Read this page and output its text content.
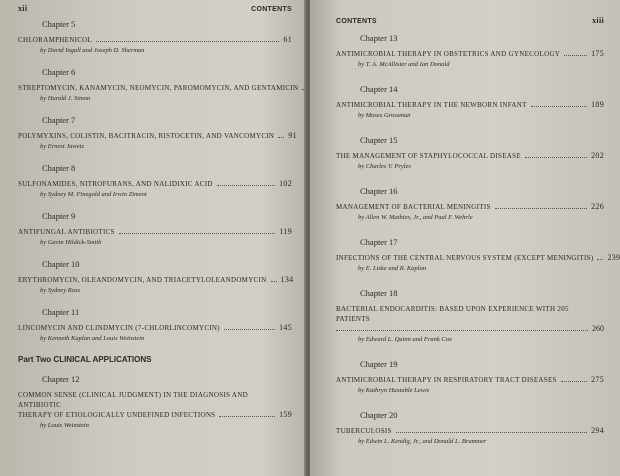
xii	CONTENTS
Chapter 5
CHLORAMPHENICOL	61
by David Ingall and Joseph D. Sherman
Chapter 6
STREPTOMYCIN, KANAMYCIN, NEOMYCIN, PAROMOMYCIN, AND GENTAMICIN
by Harold J. Simon
Chapter 7
POLYMYXINS, COLISTIN, BACITRACIN, RISTOCETIN, AND VANCOMYCIN 91
by Ernest Jawetz
Chapter 8
SULFONAMIDES, NITROFURANS, AND NALIDIXIC ACID	102
by Sydney M. Finegold and Irwin Ziment
Chapter 9
ANTIFUNGAL ANTIBIOTICS	119
by Gavin Hildick-Smith
Chapter 10
ERYTHROMYCIN, OLEANDOMYCIN, AND TRIACETYLOLEANDOMYCIN 134
by Sydney Ross
Chapter 11
LINCOMYCIN AND CLINDMYCIN (7-CHLORLINCOMYCIN)	145
by Kenneth Kaplan and Louis Weinstein
Part Two CLINICAL APPLICATIONS
Chapter 12
COMMON SENSE (CLINICAL JUDGMENT) IN THE DIAGNOSIS AND ANTIBIOTIC
THERAPY OF ETIOLOGICALLY UNDEFINED INFECTIONS	159
by Louis Weinstein
CONTENTS	xiii
Chapter 13
ANTIMICROBIAL THERAPY IN OBSTETRICS AND GYNECOLOGY	175
by T. A. McAllister and Ian Donald
Chapter 14
ANTIMICROBIAL THERAPY IN THE NEWBORN INFANT	189
by Moses Grossman
Chapter 15
THE MANAGEMENT OF STAPHYLOCOCCAL DISEASE	202
by Charles V. Pryles
Chapter 16
MANAGEMENT OF BACTERIAL MENINGITIS	226
by Allen W. Mathies, Jr., and Paul F. Wehrle
Chapter 17
INFECTIONS OF THE CENTRAL NERVOUS SYSTEM (EXCEPT MENINGITIS) 239
by E. Liske and R. Kaplan
Chapter 18
BACTERIAL ENDOCARDITIS: BASED UPON EXPERIENCE WITH 205 PATIENTS
260
by Edward L. Quinn and Frank Cox
Chapter 19
ANTIMICROBIAL THERAPY IN RESPIRATORY TRACT DISEASES	275
by Kathryn Huxtable Lewis
Chapter 20
TUBERCULOSIS	294
by Edwin L. Kendig, Jr., and Donald L. Brummer
